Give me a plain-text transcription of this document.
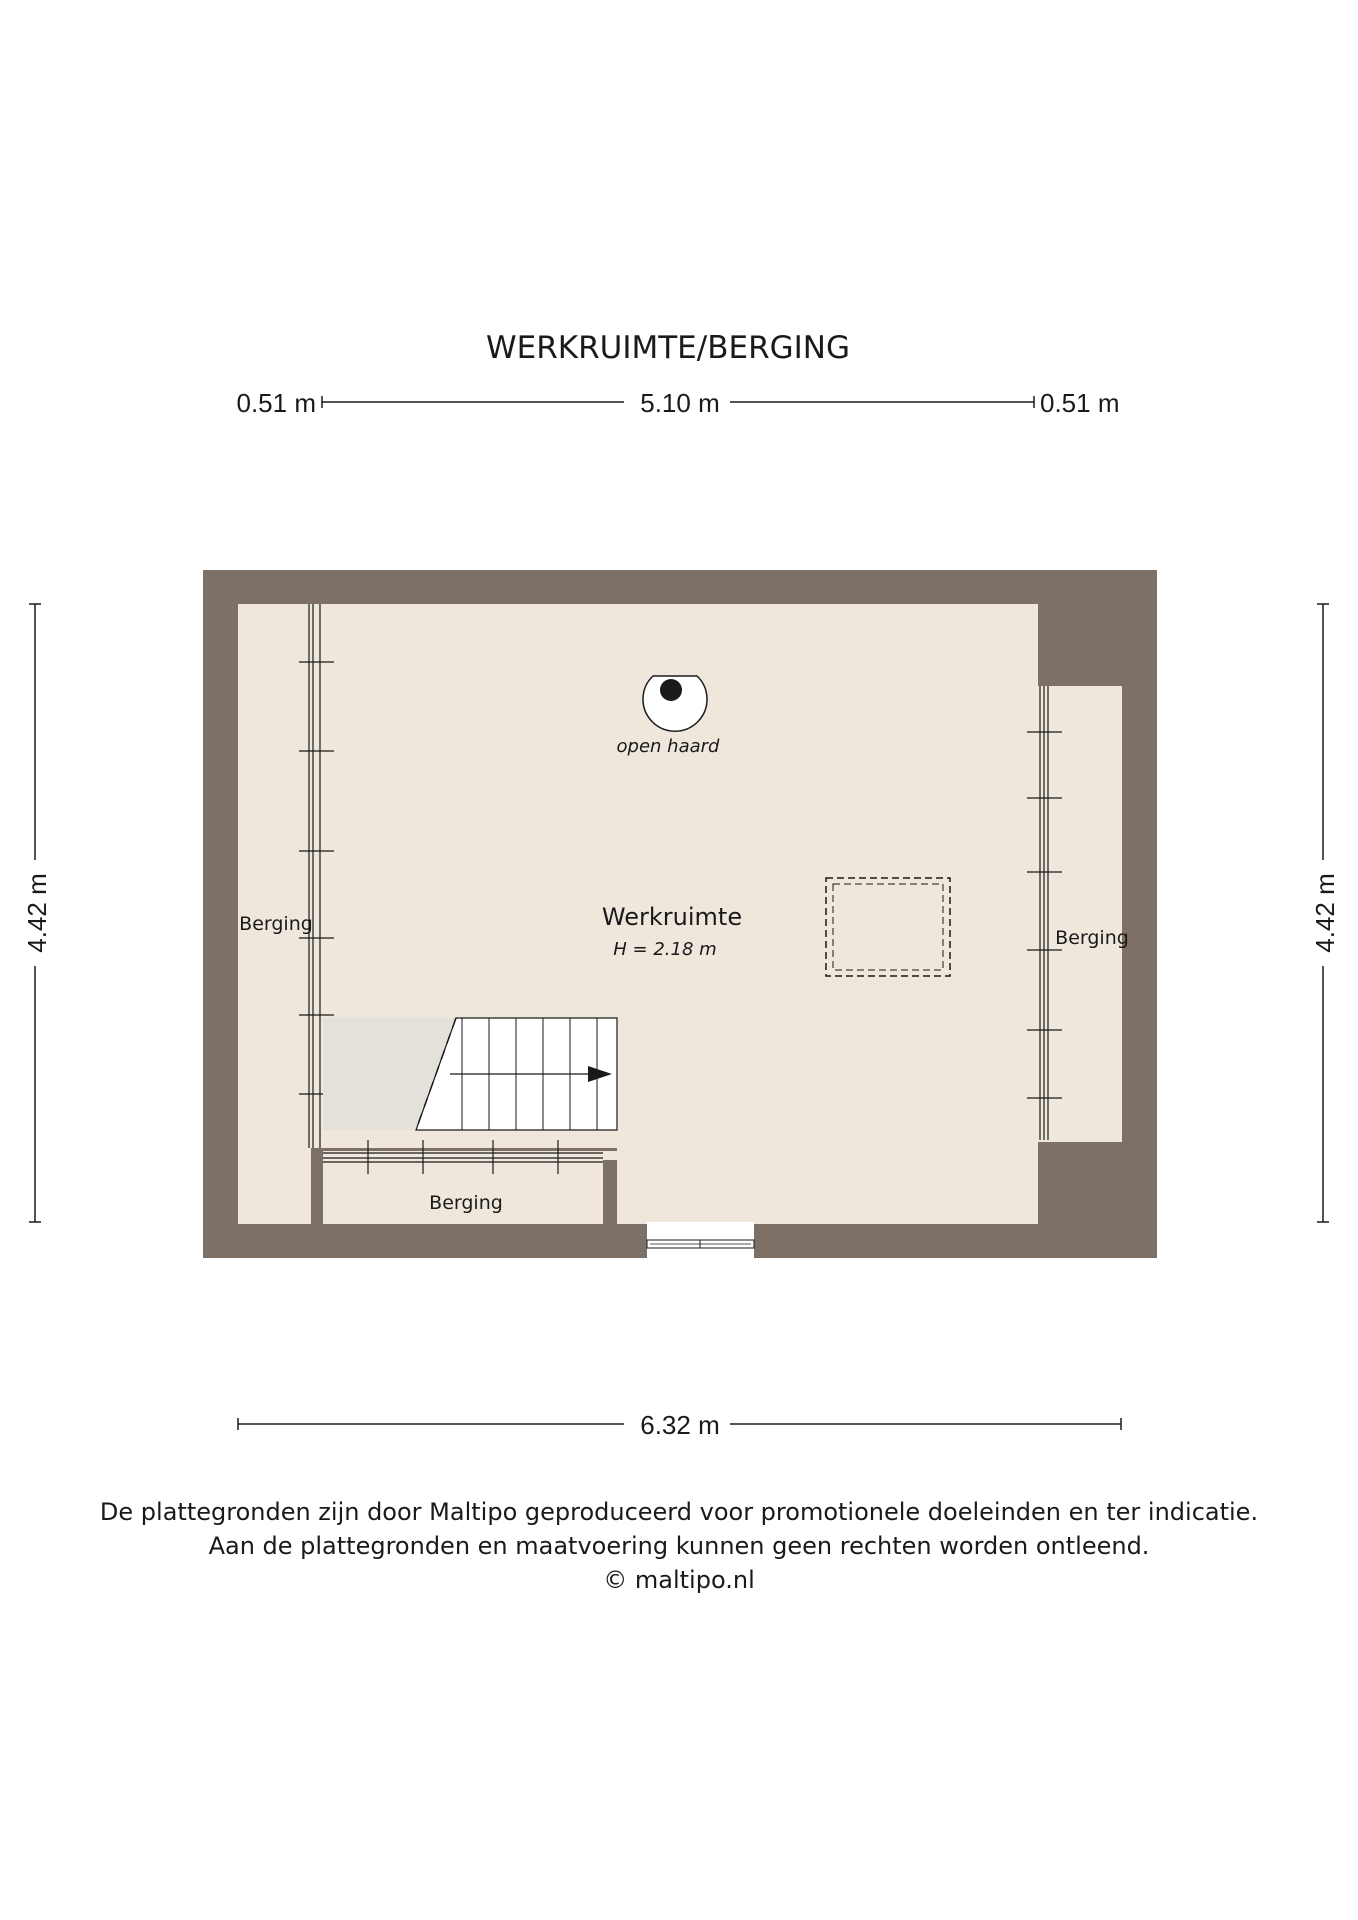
WERKRUIMTE/BERGING
0.51 m	5.10 m	0.51 m
4.42 m	4.42 m
6.32 m
open haard
Werkruimte
H = 2.18 m
Berging
Berging
Berging
De plattegronden zijn door Maltipo geproduceerd voor promotionele doeleinden en ter indicatie.
Aan de plattegronden en maatvoering kunnen geen rechten worden ontleend.
© maltipo.nl
